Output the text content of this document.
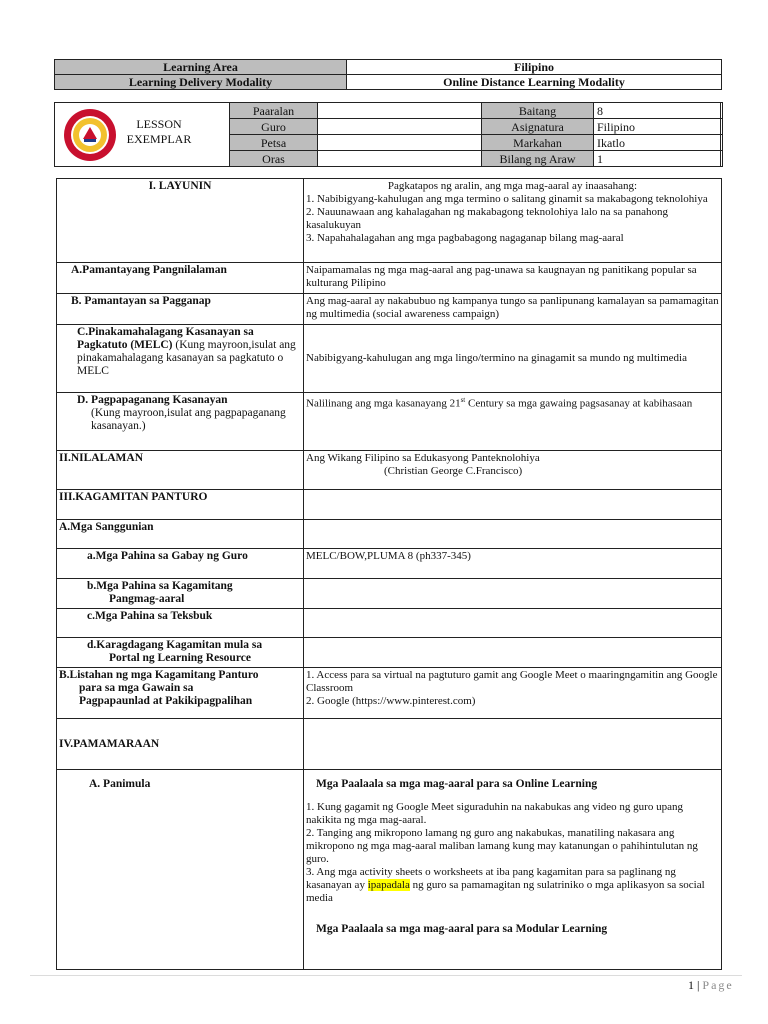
Learning Area	Filipino
Learning Delivery Modality	Online Distance Learning Modality
LESSON
EXEMPLAR
Paaralan		Baitang	8
Guro		Asignatura	Filipino
Petsa		Markahan	Ikatlo
Oras		Bilang ng Araw	1
I. LAYUNIN	Pagkatapos ng aralin, ang mga mag-aaral ay inaasahang:
1. Nabibigyang-kahulugan ang mga termino o salitang ginamit sa makabagong teknolohiya
2. Nauunawaan ang kahalagahan ng makabagong teknolohiya lalo na sa panahong kasalukuyan
3. Napahahalagahan ang mga pagbabagong nagaganap bilang mag-aaral

A.Pamantayang Pangnilalaman	Naipamamalas ng mga mag-aaral ang pag-unawa sa kaugnayan ng panitikang popular sa kulturang Pilipino
B. Pamantayan sa Pagganap	Ang mag-aaral ay nakabubuo ng kampanya tungo sa panlipunang kamalayan sa pamamagitan ng multimedia (social awareness campaign)
C.Pinakamahalagang Kasanayan sa Pagkatuto (MELC) (Kung mayroon,isulat ang pinakamahalagang kasanayan sa pagkatuto o MELC	Nabibigyang-kahulugan ang mga lingo/termino na ginagamit sa mundo ng multimedia

D. Pagpapaganang Kasanayan
(Kung mayroon,isulat ang pagpapaganang kasanayan.)	Nalilinang ang mga kasanayang 21st Century sa mga gawaing pagsasanay at kabihasaan
II.NILALAMAN	Ang Wikang Filipino sa Edukasyong Panteknolohiya
(Christian George C.Francisco)

III.KAGAMITAN PANTURO	
A.Mga Sanggunian	
a.Mga Pahina sa Gabay ng Guro	MELC/BOW,PLUMA 8 (ph337-345)

b.Mga Pahina sa Kagamitang
Pangmag-aaral	

c.Mga Pahina sa Teksbuk	

d.Karagdagang Kagamitan mula sa
Portal ng Learning Resource	

B.Listahan ng mga Kagamitang Panturo
para sa mga Gawain sa
Pagpapaunlad at Pakikipagpalihan	1. Access para sa virtual na pagtuturo gamit ang Google Meet o maaringngamitin ang Google Classroom
2. Google (https://www.pinterest.com)

IV.PAMAMARAAN	
A. Panimula	Mga Paalaala sa mga mag-aaral para sa Online Learning
1. Kung gagamit ng Google Meet siguraduhin na nakabukas ang video ng guro upang nakikita ng mga mag-aaral.
2. Tanging ang mikropono lamang ng guro ang nakabukas, manatiling nakasara ang mikropono ng mga mag-aaral maliban lamang kung may katanungan o pahihintulutan ng guro.
3. Ang mga activity sheets o worksheets at iba pang kagamitan para sa paglinang ng kasanayan ay ipapadala ng guro sa pamamagitan ng sulatriniko o mga aplikasyon sa social media
Mga Paalaala sa mga mag-aaral para sa Modular Learning
1 | Page
